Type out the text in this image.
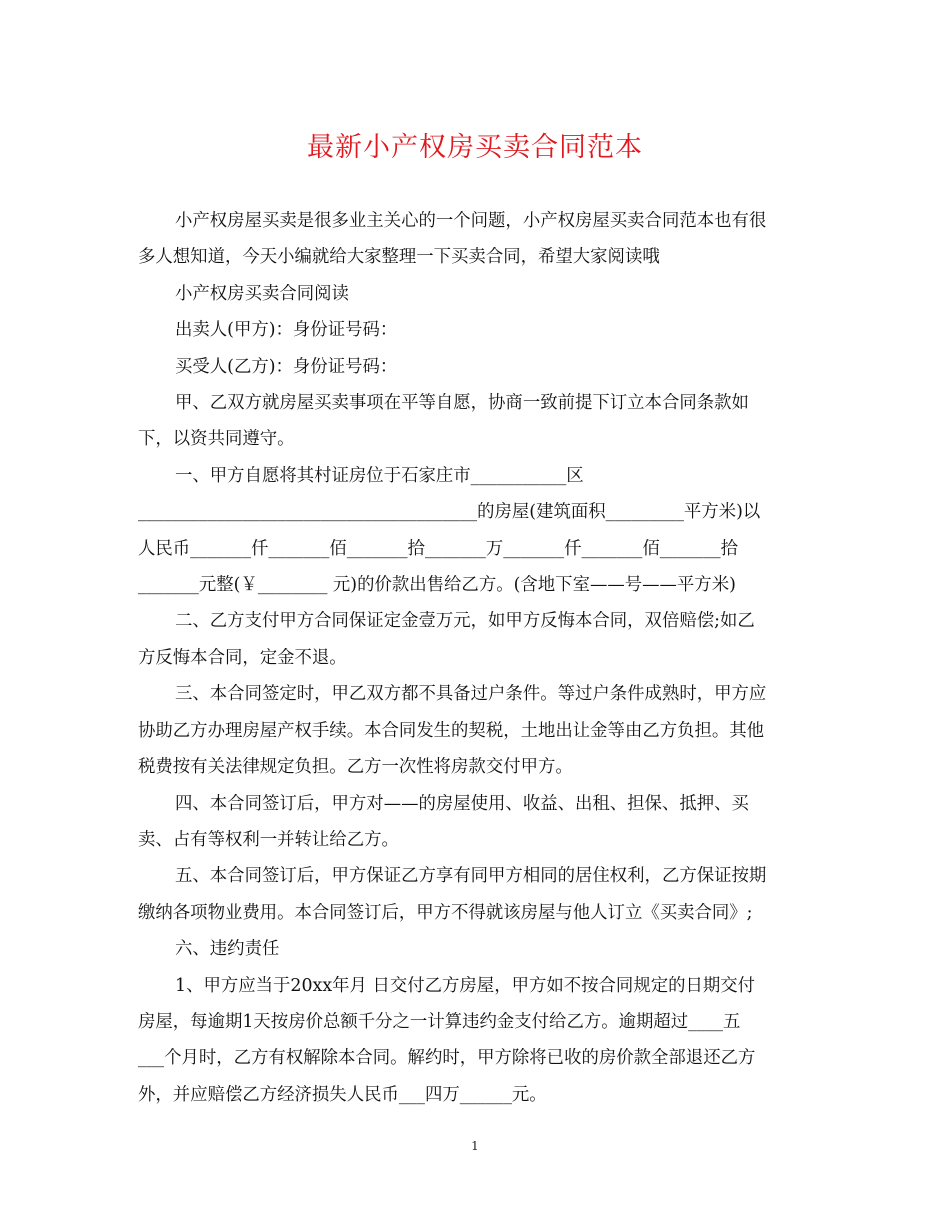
最新小产权房买卖合同范本

小产权房屋买卖是很多业主关心的一个问题，小产权房屋买卖合同范本也有很

多人想知道，今天小编就给大家整理一下买卖合同，希望大家阅读哦

小产权房买卖合同阅读

出卖人(甲方)：身份证号码：

买受人(乙方)：身份证号码：

甲、乙双方就房屋买卖事项在平等自愿，协商一致前提下订立本合同条款如

下，以资共同遵守。

一、甲方自愿将其村证房位于石家庄市___________区

_______________________________________的房屋(建筑面积_________平方米)以

人民币_______仟_______佰_______拾_______万_______仟_______佰_______拾

_______元整(￥________ 元)的价款出售给乙方。(含地下室——号——平方米)

二、乙方支付甲方合同保证定金壹万元，如甲方反悔本合同，双倍赔偿;如乙

方反悔本合同，定金不退。

三、本合同签定时，甲乙双方都不具备过户条件。等过户条件成熟时，甲方应

协助乙方办理房屋产权手续。本合同发生的契税，土地出让金等由乙方负担。其他

税费按有关法律规定负担。乙方一次性将房款交付甲方。

四、本合同签订后，甲方对——的房屋使用、收益、出租、担保、抵押、买

卖、占有等权利一并转让给乙方。

五、本合同签订后，甲方保证乙方享有同甲方相同的居住权利，乙方保证按期

缴纳各项物业费用。本合同签订后，甲方不得就该房屋与他人订立《买卖合同》;

六、违约责任

1、甲方应当于20xx年月 日交付乙方房屋，甲方如不按合同规定的日期交付

房屋，每逾期1天按房价总额千分之一计算违约金支付给乙方。逾期超过____五

___个月时，乙方有权解除本合同。解约时，甲方除将已收的房价款全部退还乙方

外，并应赔偿乙方经济损失人民币___四万______元。

1
